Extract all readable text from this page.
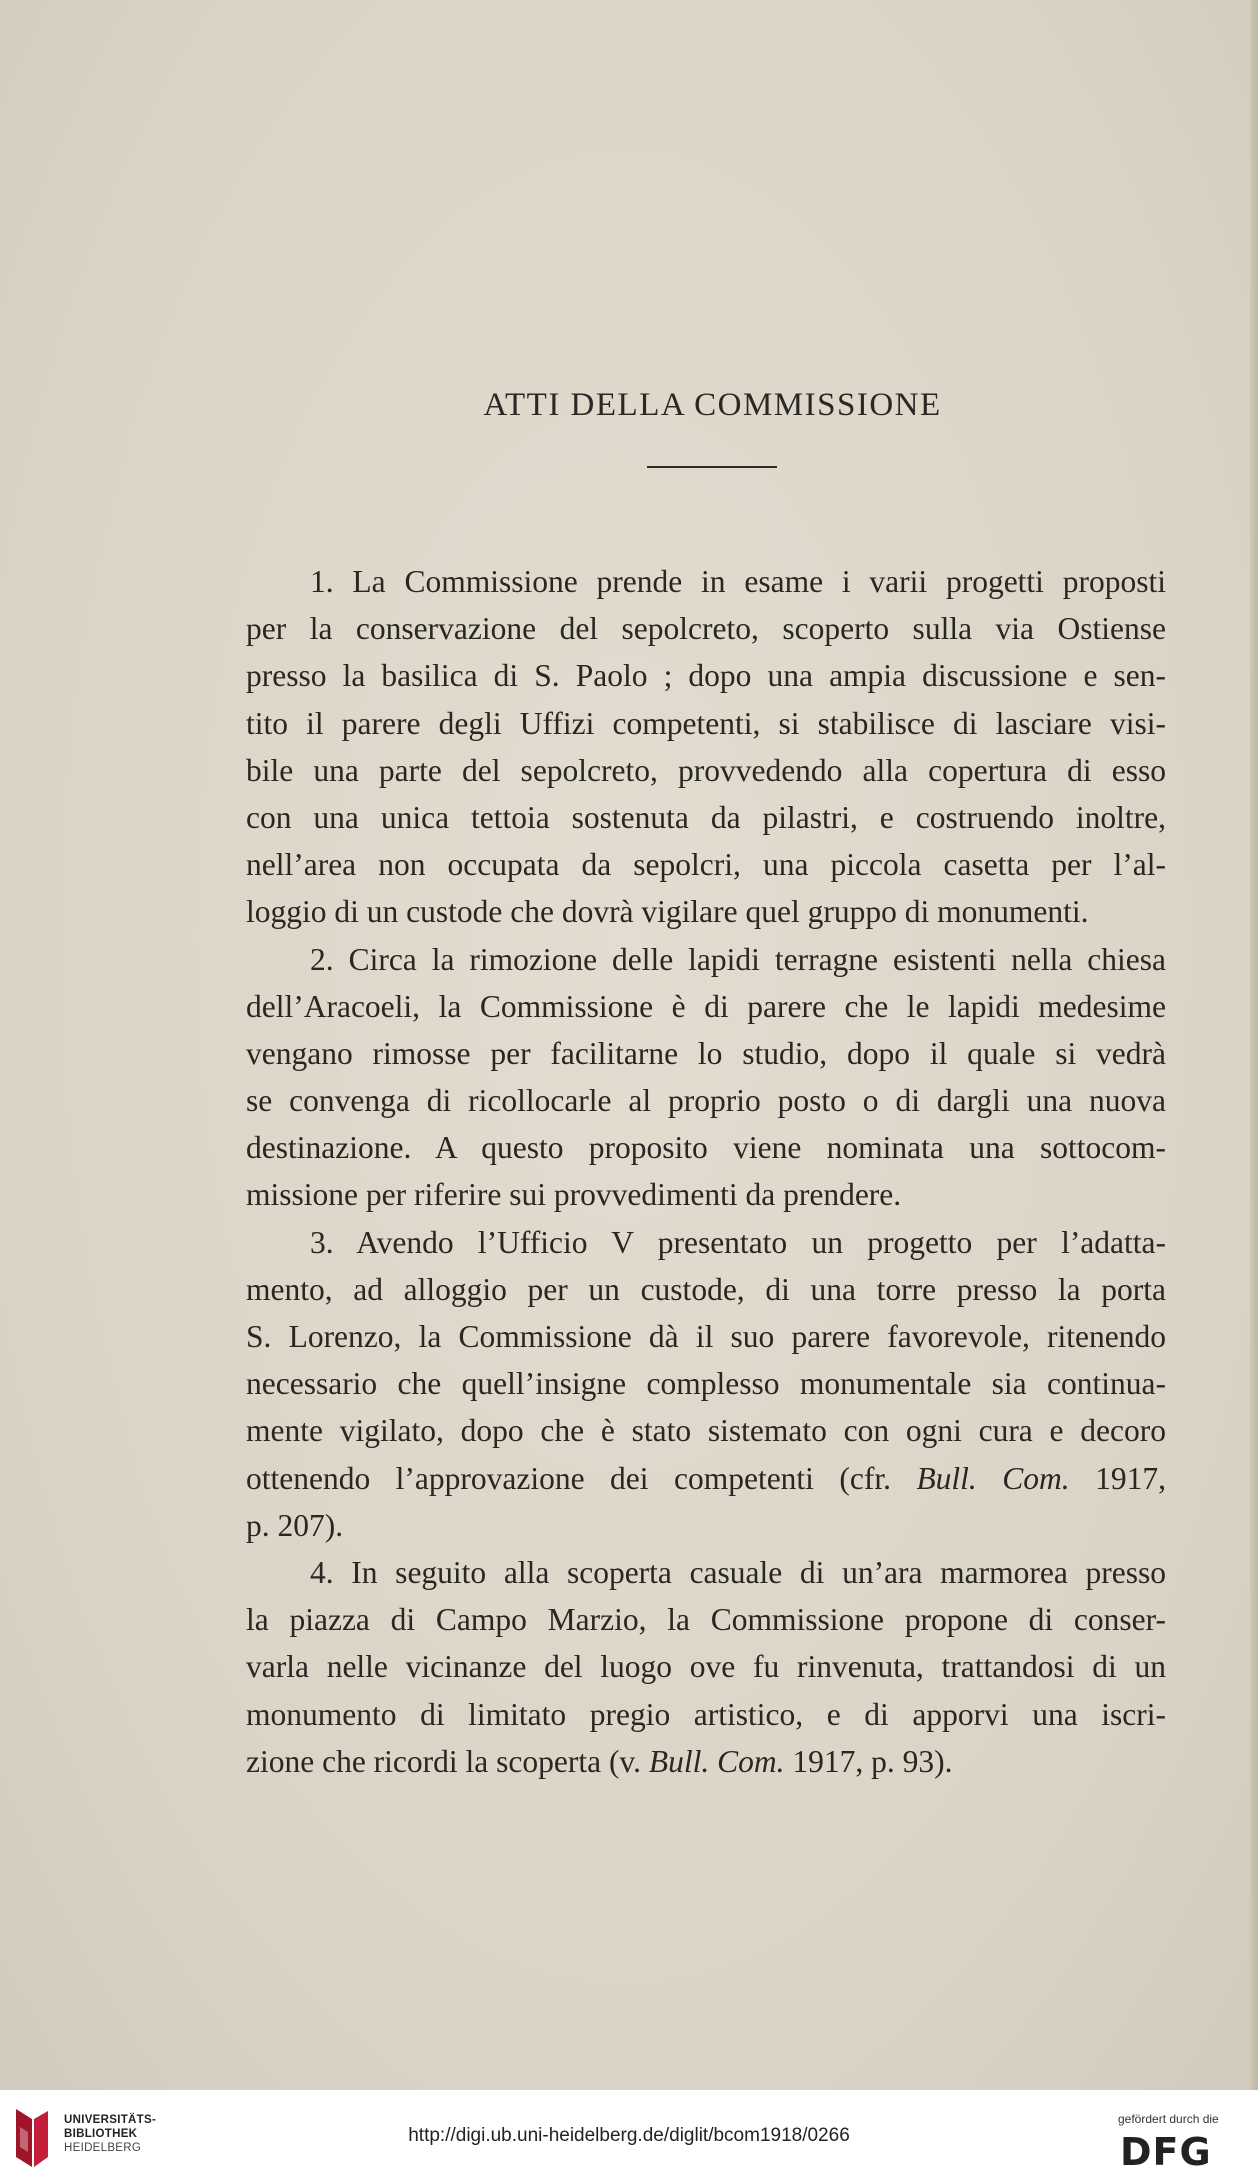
ATTI DELLA COMMISSIONE
1. La Commissione prende in esame i varii progetti proposti
per la conservazione del sepolcreto, scoperto sulla via Ostiense
presso la basilica di S. Paolo ; dopo una ampia discussione e sen-
tito il parere degli Uffizi competenti, si stabilisce di lasciare visi-
bile una parte del sepolcreto, provvedendo alla copertura di esso
con una unica tettoia sostenuta da pilastri, e costruendo inoltre,
nell’area non occupata da sepolcri, una piccola casetta per l’al-
loggio di un custode che dovrà vigilare quel gruppo di monumenti.
2. Circa la rimozione delle lapidi terragne esistenti nella chiesa
dell’Aracoeli, la Commissione è di parere che le lapidi medesime
vengano rimosse per facilitarne lo studio, dopo il quale si vedrà
se convenga di ricollocarle al proprio posto o di dargli una nuova
destinazione. A questo proposito viene nominata una sottocom-
missione per riferire sui provvedimenti da prendere.
3. Avendo l’Ufficio V presentato un progetto per l’adatta-
mento, ad alloggio per un custode, di una torre presso la porta
S. Lorenzo, la Commissione dà il suo parere favorevole, ritenendo
necessario che quell’insigne complesso monumentale sia continua-
mente vigilato, dopo che è stato sistemato con ogni cura e decoro
ottenendo l’approvazione dei competenti (cfr. Bull. Com. 1917,
p. 207).
4. In seguito alla scoperta casuale di un’ara marmorea presso
la piazza di Campo Marzio, la Commissione propone di conser-
varla nelle vicinanze del luogo ove fu rinvenuta, trattandosi di un
monumento di limitato pregio artistico, e di apporvi una iscri-
zione che ricordi la scoperta (v. Bull. Com. 1917, p. 93).
UNIVERSITÄTS-
BIBLIOTHEK
HEIDELBERG
http://digi.ub.uni-heidelberg.de/diglit/bcom1918/0266
gefördert durch die
DFG
